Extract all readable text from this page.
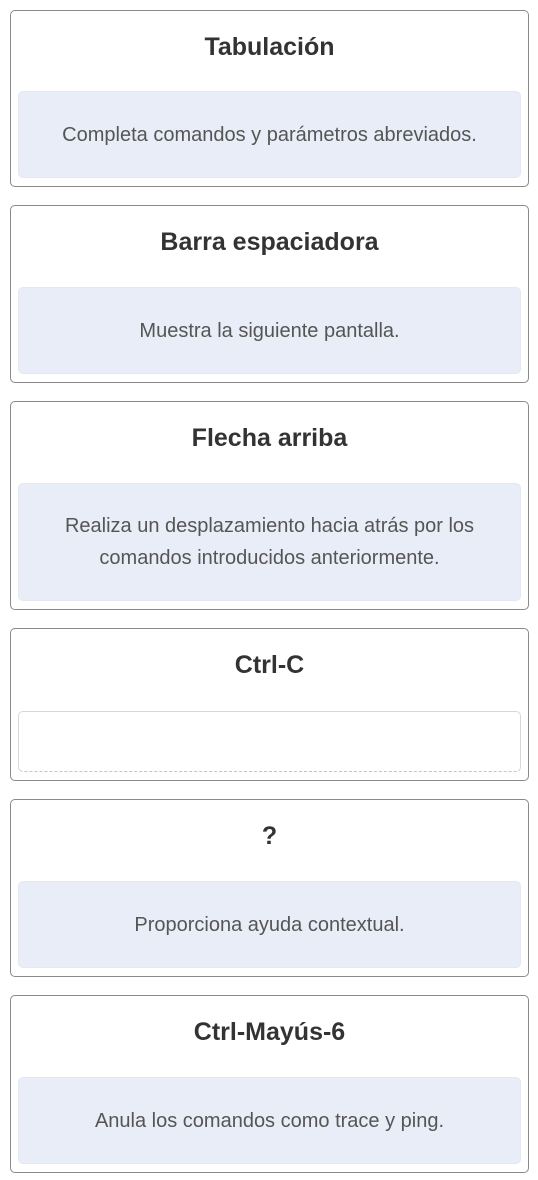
Tabulación
Completa comandos y parámetros abreviados.
Barra espaciadora
Muestra la siguiente pantalla.
Flecha arriba
Realiza un desplazamiento hacia atrás por los comandos introducidos anteriormente.
Ctrl-C
?
Proporciona ayuda contextual.
Ctrl-Mayús-6
Anula los comandos como trace y ping.
